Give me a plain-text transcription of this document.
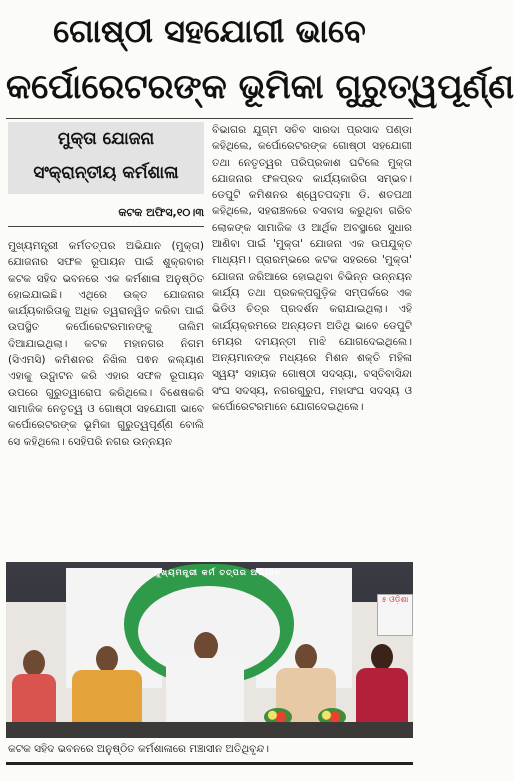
ଗୋଷ୍ଠୀ ସହଯୋଗୀ ଭାବେ
କର୍ପୋରେଟରଙ୍କ ଭୂମିକା ଗୁରୁତ୍ୱପୂର୍ଣ୍ଣ
ମୁକ୍ତା ଯୋଜନା
ସଂକ୍ରାନ୍ତୀୟ କର୍ମଶାଳା
କଟକ ଅଫିସ,୧୦।୩

ମୁଖ୍ୟମନ୍ତ୍ରୀ କର୍ମତତ୍ପର ଅଭିଯାନ (ମୁକ୍ତା) ଯୋଜନାର ସଫଳ ରୂପାୟନ ପାଇଁ ଶୁକ୍ରବାର କଟକ ସହିଦ ଭବନରେ ଏକ କର୍ମଶାଳା ଅନୁଷ୍ଠିତ ହୋଇଯାଇଛି। ଏଥିରେ ଉକ୍ତ ଯୋଜନାର କାର୍ଯ୍ୟକାରିତାକୁ ଅଧିକ ତ୍ୱରାନ୍ୱିତ କରିବା ପାଇଁ ଉପସ୍ଥିତ କର୍ପୋରେଟରମାନଙ୍କୁ ତାଲିମ ଦିଆଯାଇଥିଲା। କଟକ ମହାନଗର ନିଗମ (ସିଏମସି) କମିଶନର ନିଖିଲ ପଵନ କଲ୍ୟାଣ ଏହାକୁ ଉଦ୍ଘାଟନ କରି ଏହାର ସଫଳ ରୂପାୟନ ଉପରେ ଗୁରୁତ୍ୱାରୋପ କରିଥିଲେ। ବିଶେଷକରି ସାମାଜିକ ନେତୃତ୍ୱ ଓ ଗୋଷ୍ଠୀ ସହଯୋଗୀ ଭାବେ କର୍ପୋରେଟରଙ୍କ ଭୂମିକା ଗୁରୁତ୍ୱପୂର୍ଣ୍ଣ ବୋଲି ସେ କହିଥିଲେ। ସେହିପରି ନଗର ଉନ୍ନୟନ

ବିଭାଗର ଯୁଗ୍ମ ସଚିବ ସାରଦା ପ୍ରସାଦ ପଣ୍ଡା କହିଥିଲେ, କର୍ପୋରେଟରଙ୍କ ଗୋଷ୍ଠୀ ସହଯୋଗୀ ତଥା ନେତୃତ୍ୱର ପରିପ୍ରକାଶ ଘଟିଲେ ମୁକ୍ତା ଯୋଜନାର ଫଳପ୍ରଦ କାର୍ଯ୍ୟକାରିତା ସମ୍ଭବ। ଡେପୁଟି କମିଶନର ଶ୍ୱେତପଦ୍ମା ଡି. ଶତପଥୀ କହିଥିଲେ, ସହରାଞ୍ଚଳରେ ବସବାସ କରୁଥିବା ଗରିବ ଲୋକଙ୍କ ସାମାଜିକ ଓ ଆର୍ଥିକ ଅବସ୍ଥାରେ ସୁଧାର ଆଣିବା ପାଇଁ 'ମୁକ୍ତା' ଯୋଜନା ଏକ ଉପଯୁକ୍ତ ମାଧ୍ୟମ। ପ୍ରାରମ୍ଭରେ କଟକ ସହରରେ 'ମୁକ୍ତା' ଯୋଜନା ଜରିଆରେ ହୋଇଥିବା ବିଭିନ୍ନ ଉନ୍ନୟନ କାର୍ଯ୍ୟ ତଥା ପ୍ରକଳ୍ପଗୁଡ଼ିକ ସମ୍ପର୍କରେ ଏକ ଭିଡିଓ ଚିତ୍ର ପ୍ରଦର୍ଶନ କରାଯାଇଥିଲା। ଏହି କାର୍ଯ୍ୟକ୍ରମରେ ଅନ୍ୟତମ ଅତିଥି ଭାବେ ଡେପୁଟି ମେୟର ଦମୟନ୍ତୀ ମାଝି ଯୋଗଦେଇଥିଲେ। ଅନ୍ୟମାନଙ୍କ ମଧ୍ୟରେ ମିଶନ ଶକ୍ତି ମହିଳା ସ୍ୱୟଂ ସହାୟକ ଗୋଷ୍ଠୀ ସଦସ୍ୟା, ବସ୍ତିବାସିନ୍ଦା ସଂଘ ସଦସ୍ୟ, ନଗରଗୁରୁପ, ମହାସଂଘ ସଦସ୍ୟ ଓ କର୍ପୋରେଟରମାନେ ଯୋଗଦେଇଥିଲେ।

ମୁଖ୍ୟମନ୍ତ୍ରୀ କର୍ମ ତତ୍ପର ଅଭିଯାନ
୫ ଓଡ଼ିଶା
କଟକ ସହିଦ ଭବନରେ ଅନୁଷ୍ଠିତ କର୍ମଶାଳାରେ ମଞ୍ଚାସୀନ ଅତିଥିବୃନ୍ଦ।
